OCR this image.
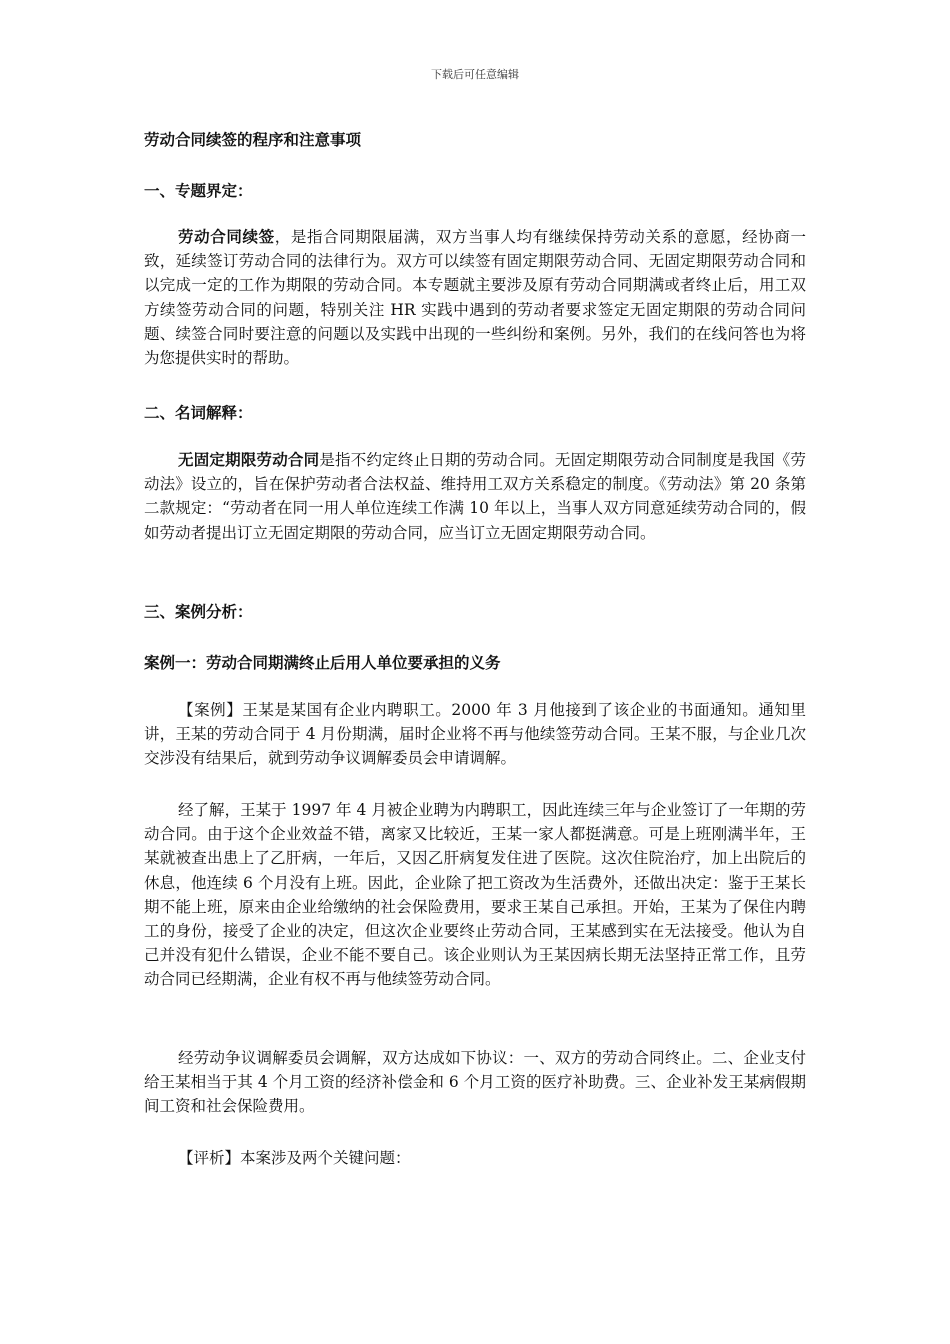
下载后可任意编辑
劳动合同续签的程序和注意事项
一、专题界定：
劳动合同续签，是指合同期限届满，双方当事人均有继续保持劳动关系的意愿，经协商一致，延续签订劳动合同的法律行为。双方可以续签有固定期限劳动合同、无固定期限劳动合同和以完成一定的工作为期限的劳动合同。本专题就主要涉及原有劳动合同期满或者终止后，用工双方续签劳动合同的问题，特别关注 HR 实践中遇到的劳动者要求签定无固定期限的劳动合同问题、续签合同时要注意的问题以及实践中出现的一些纠纷和案例。另外，我们的在线问答也为将为您提供实时的帮助。
二、名词解释：
无固定期限劳动合同是指不约定终止日期的劳动合同。无固定期限劳动合同制度是我国《劳动法》设立的，旨在保护劳动者合法权益、维持用工双方关系稳定的制度。《劳动法》第 20 条第二款规定：“劳动者在同一用人单位连续工作满 10 年以上，当事人双方同意延续劳动合同的，假如劳动者提出订立无固定期限的劳动合同，应当订立无固定期限劳动合同。
三、案例分析：
案例一：劳动合同期满终止后用人单位要承担的义务
【案例】王某是某国有企业内聘职工。2000 年 3 月他接到了该企业的书面通知。通知里讲，王某的劳动合同于 4 月份期满，届时企业将不再与他续签劳动合同。王某不服，与企业几次交涉没有结果后，就到劳动争议调解委员会申请调解。
经了解，王某于 1997 年 4 月被企业聘为内聘职工，因此连续三年与企业签订了一年期的劳动合同。由于这个企业效益不错，离家又比较近，王某一家人都挺满意。可是上班刚满半年，王某就被查出患上了乙肝病，一年后，又因乙肝病复发住进了医院。这次住院治疗，加上出院后的休息，他连续 6 个月没有上班。因此，企业除了把工资改为生活费外，还做出决定：鉴于王某长期不能上班，原来由企业给缴纳的社会保险费用，要求王某自己承担。开始，王某为了保住内聘工的身份，接受了企业的决定，但这次企业要终止劳动合同，王某感到实在无法接受。他认为自己并没有犯什么错误，企业不能不要自己。该企业则认为王某因病长期无法坚持正常工作，且劳动合同已经期满，企业有权不再与他续签劳动合同。
经劳动争议调解委员会调解，双方达成如下协议：一、双方的劳动合同终止。二、企业支付给王某相当于其 4 个月工资的经济补偿金和 6 个月工资的医疗补助费。三、企业补发王某病假期间工资和社会保险费用。
【评析】本案涉及两个关键问题：
